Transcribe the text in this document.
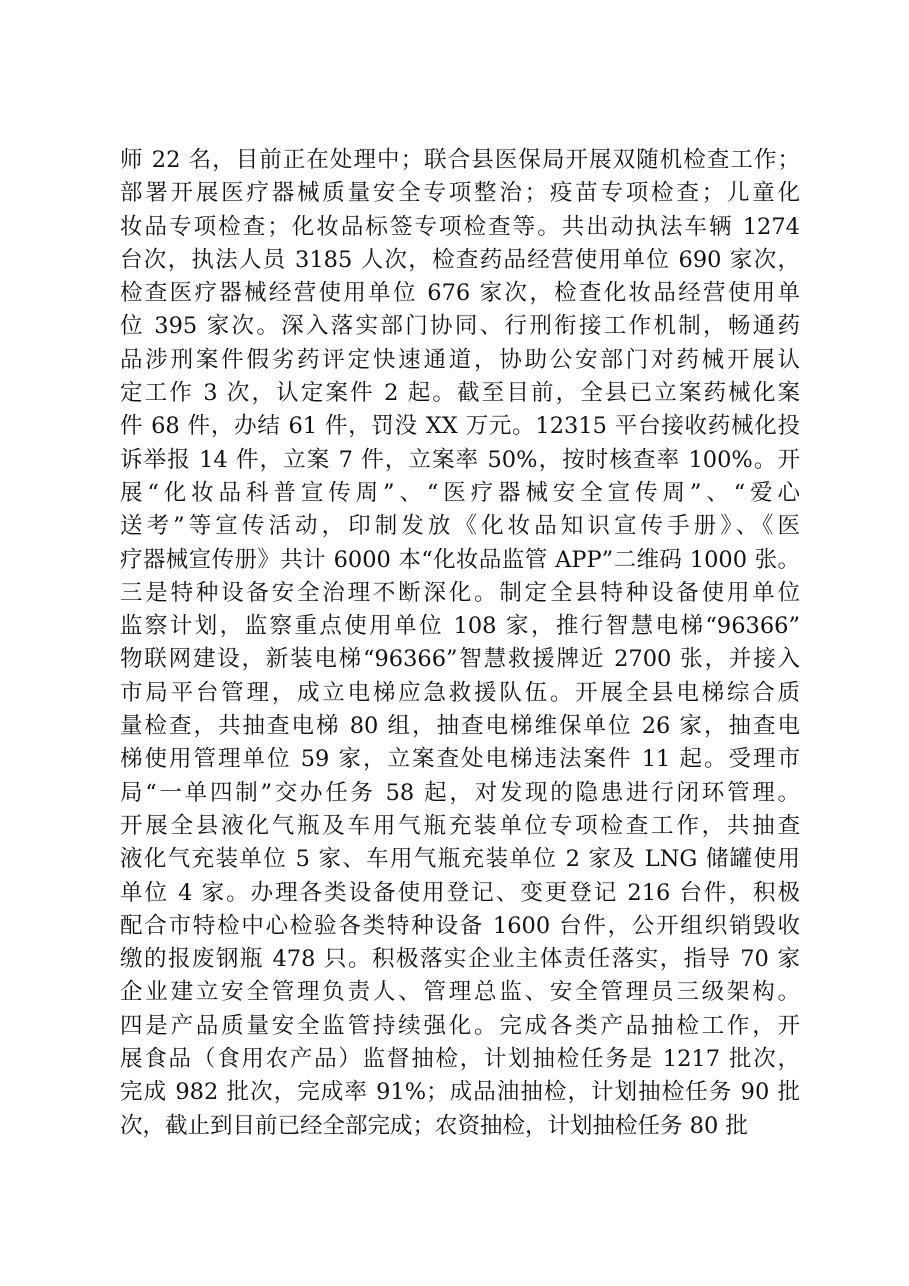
师 22 名，目前正在处理中；联合县医保局开展双随机检查工作；
部署开展医疗器械质量安全专项整治；疫苗专项检查；儿童化
妆品专项检查；化妆品标签专项检查等。共出动执法车辆 1274
台次，执法人员 3185 人次，检查药品经营使用单位 690 家次，
检查医疗器械经营使用单位 676 家次，检查化妆品经营使用单
位 395 家次。深入落实部门协同、行刑衔接工作机制，畅通药
品涉刑案件假劣药评定快速通道，协助公安部门对药械开展认
定工作 3 次，认定案件 2 起。截至目前，全县已立案药械化案
件 68 件，办结 61 件，罚没 XX 万元。12315 平台接收药械化投
诉举报 14 件，立案 7 件，立案率 50%，按时核查率 100%。开
展“化妆品科普宣传周”、“医疗器械安全宣传周”、“爱心
送考”等宣传活动，印制发放《化妆品知识宣传手册》、《医
疗器械宣传册》共计 6000 本“化妆品监管 APP”二维码 1000 张。
三是特种设备安全治理不断深化。制定全县特种设备使用单位
监察计划，监察重点使用单位 108 家，推行智慧电梯“96366”
物联网建设，新装电梯“96366”智慧救援牌近 2700 张，并接入
市局平台管理，成立电梯应急救援队伍。开展全县电梯综合质
量检查，共抽查电梯 80 组，抽查电梯维保单位 26 家，抽查电
梯使用管理单位 59 家，立案查处电梯违法案件 11 起。受理市
局“一单四制”交办任务 58 起，对发现的隐患进行闭环管理。
开展全县液化气瓶及车用气瓶充装单位专项检查工作，共抽查
液化气充装单位 5 家、车用气瓶充装单位 2 家及 LNG 储罐使用
单位 4 家。办理各类设备使用登记、变更登记 216 台件，积极
配合市特检中心检验各类特种设备 1600 台件，公开组织销毁收
缴的报废钢瓶 478 只。积极落实企业主体责任落实，指导 70 家
企业建立安全管理负责人、管理总监、安全管理员三级架构。
四是产品质量安全监管持续强化。完成各类产品抽检工作，开
展食品（食用农产品）监督抽检，计划抽检任务是 1217 批次，
完成 982 批次，完成率 91%；成品油抽检，计划抽检任务 90 批
次，截止到目前已经全部完成；农资抽检，计划抽检任务 80 批
